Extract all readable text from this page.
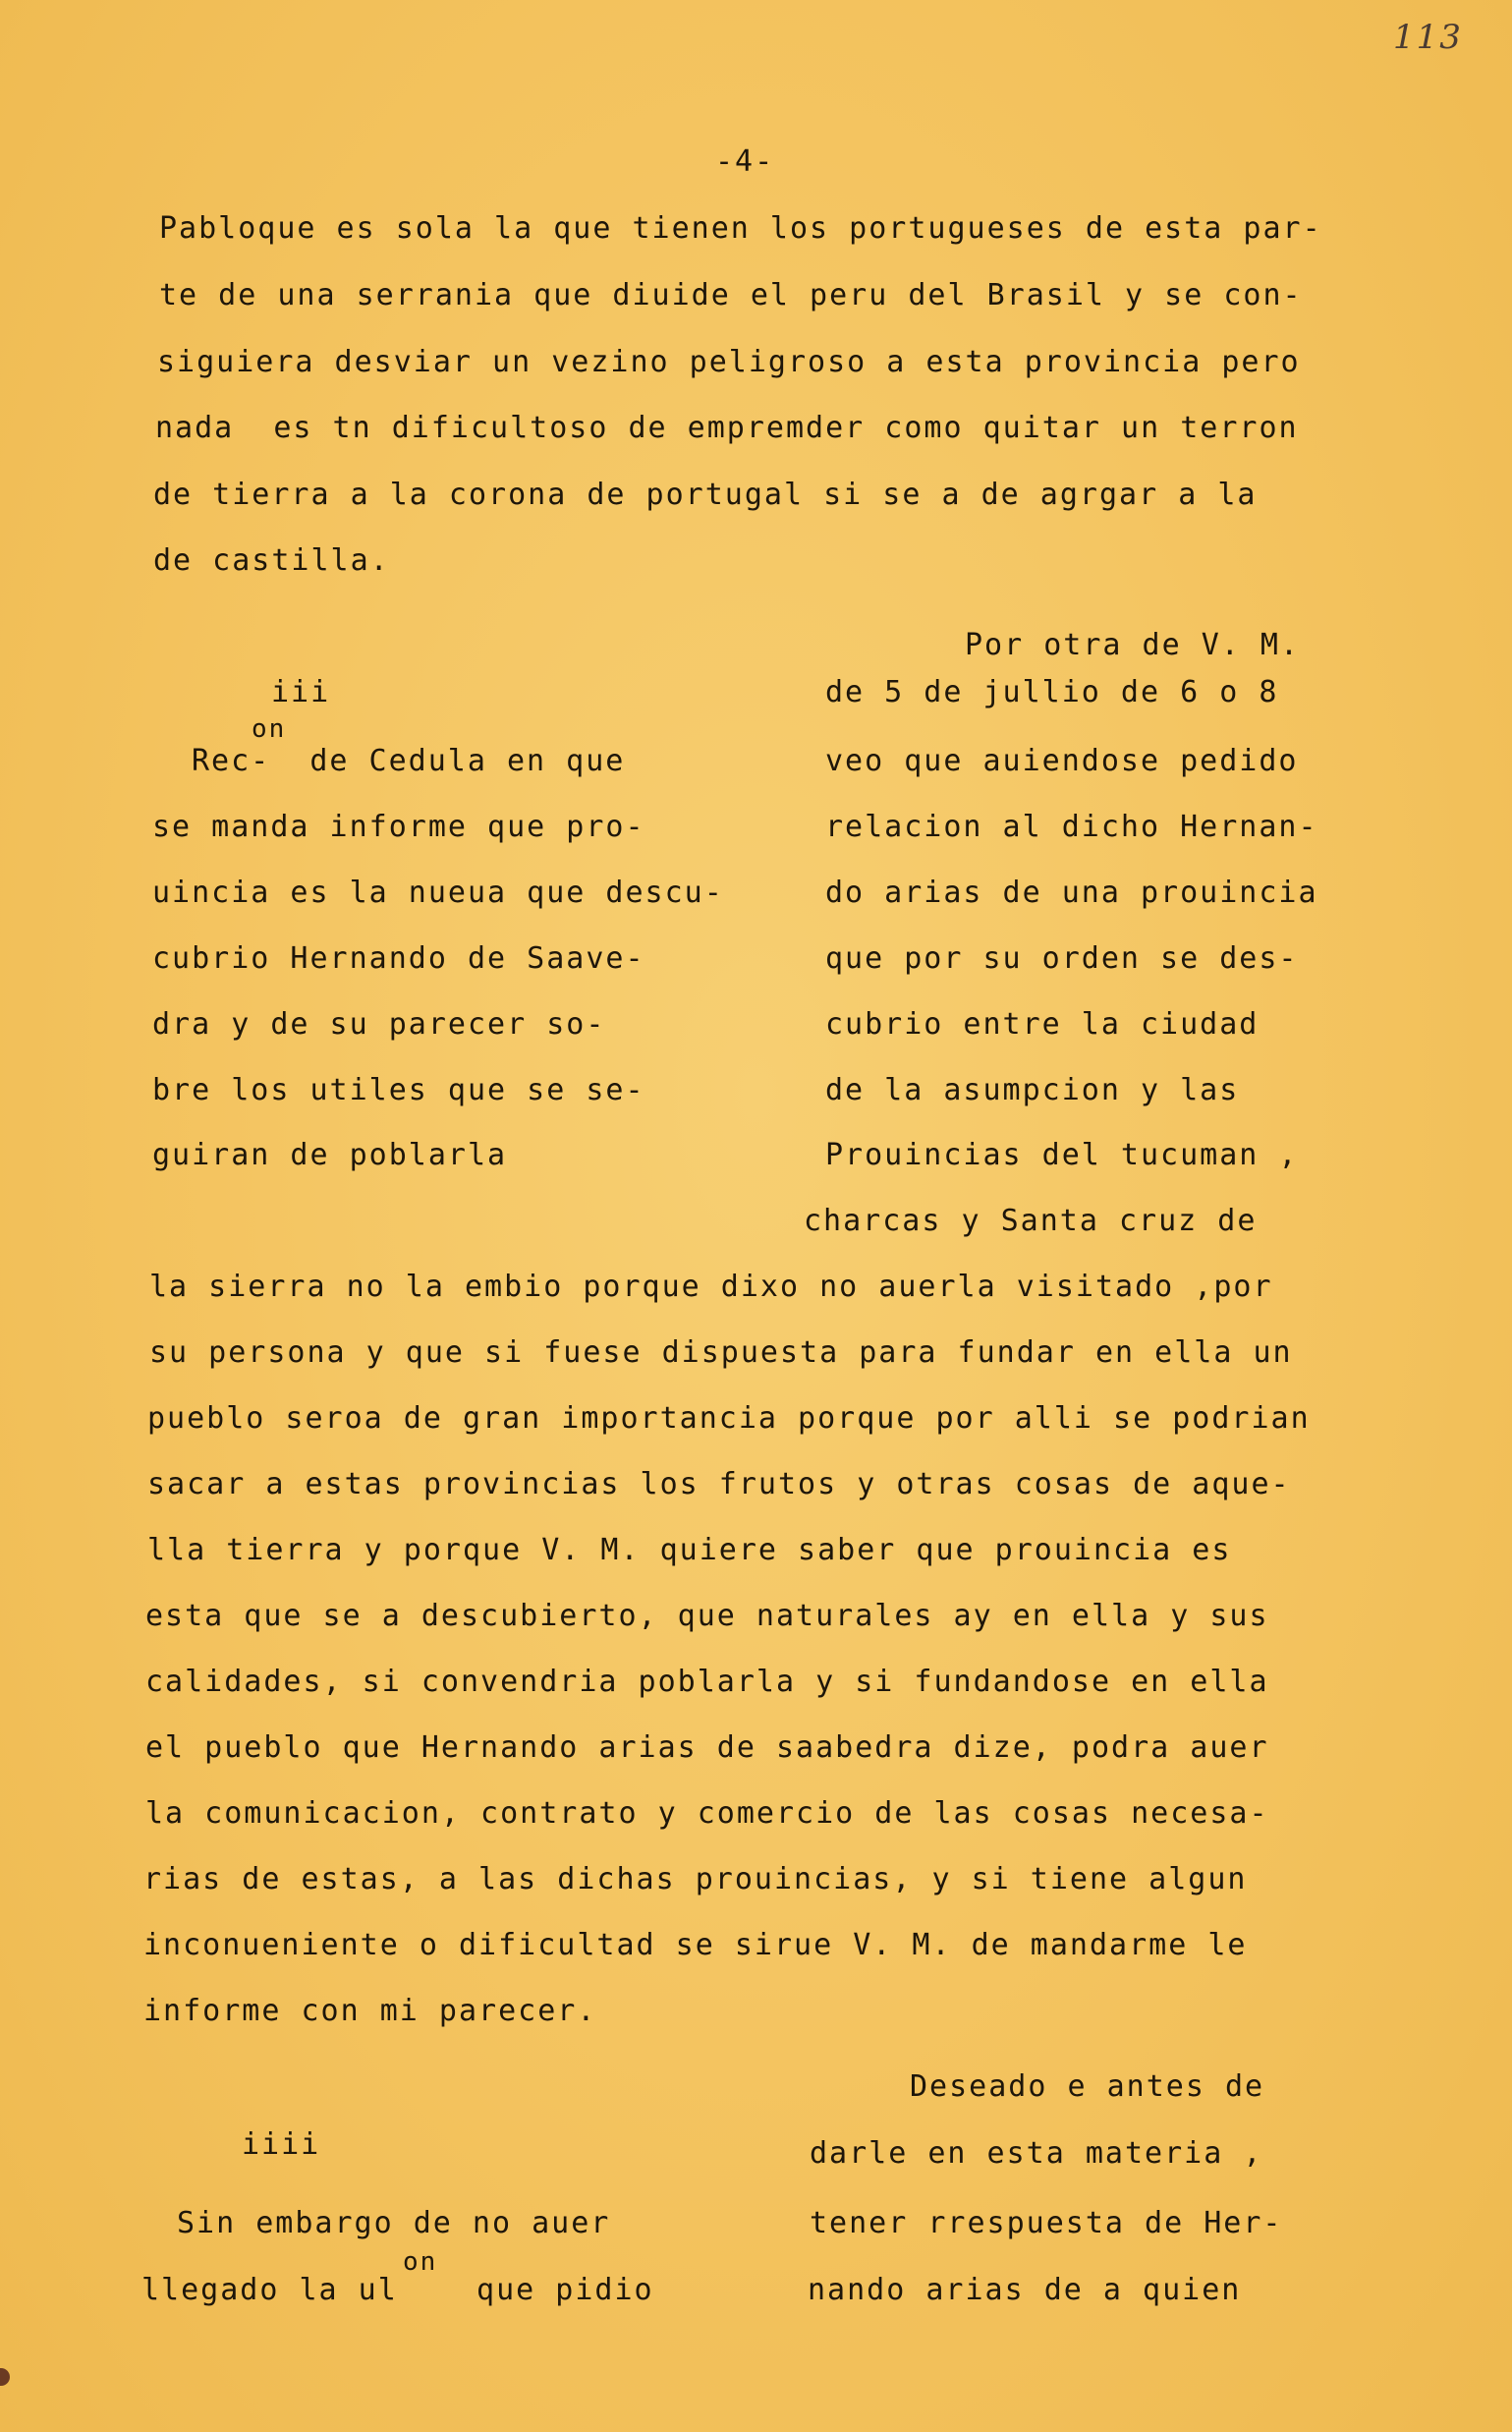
113
-4-
Pabloque es sola la que tienen los portugueses de esta par-
te de una serrania que diuide el peru del Brasil y se con-
siguiera desviar un vezino peligroso a esta provincia pero
nada  es tn dificultoso de empremder como quitar un terron
de tierra a la corona de portugal si se a de agrgar a la
de castilla.
iii
on
Rec-  de Cedula en que
se manda informe que pro-
uincia es la nueua que descu-
cubrio Hernando de Saave-
dra y de su parecer so-
bre los utiles que se se-
guiran de poblarla
Por otra de V. M.
de 5 de jullio de 6 o 8
veo que auiendose pedido
relacion al dicho Hernan-
do arias de una prouincia
que por su orden se des-
cubrio entre la ciudad
de la asumpcion y las
Prouincias del tucuman ,
charcas y Santa cruz de
la sierra no la embio porque dixo no auerla visitado ,por
su persona y que si fuese dispuesta para fundar en ella un
pueblo seroa de gran importancia porque por alli se podrian
sacar a estas provincias los frutos y otras cosas de aque-
lla tierra y porque V. M. quiere saber que prouincia es
esta que se a descubierto, que naturales ay en ella y sus
calidades, si convendria poblarla y si fundandose en ella
el pueblo que Hernando arias de saabedra dize, podra auer
la comunicacion, contrato y comercio de las cosas necesa-
rias de estas, a las dichas prouincias, y si tiene algun
inconueniente o dificultad se sirue V. M. de mandarme le
informe con mi parecer.
iiii
Sin embargo de no auer
on
llegado la ul    que pidio
Deseado e antes de
darle en esta materia ,
tener rrespuesta de Her-
nando arias de a quien
